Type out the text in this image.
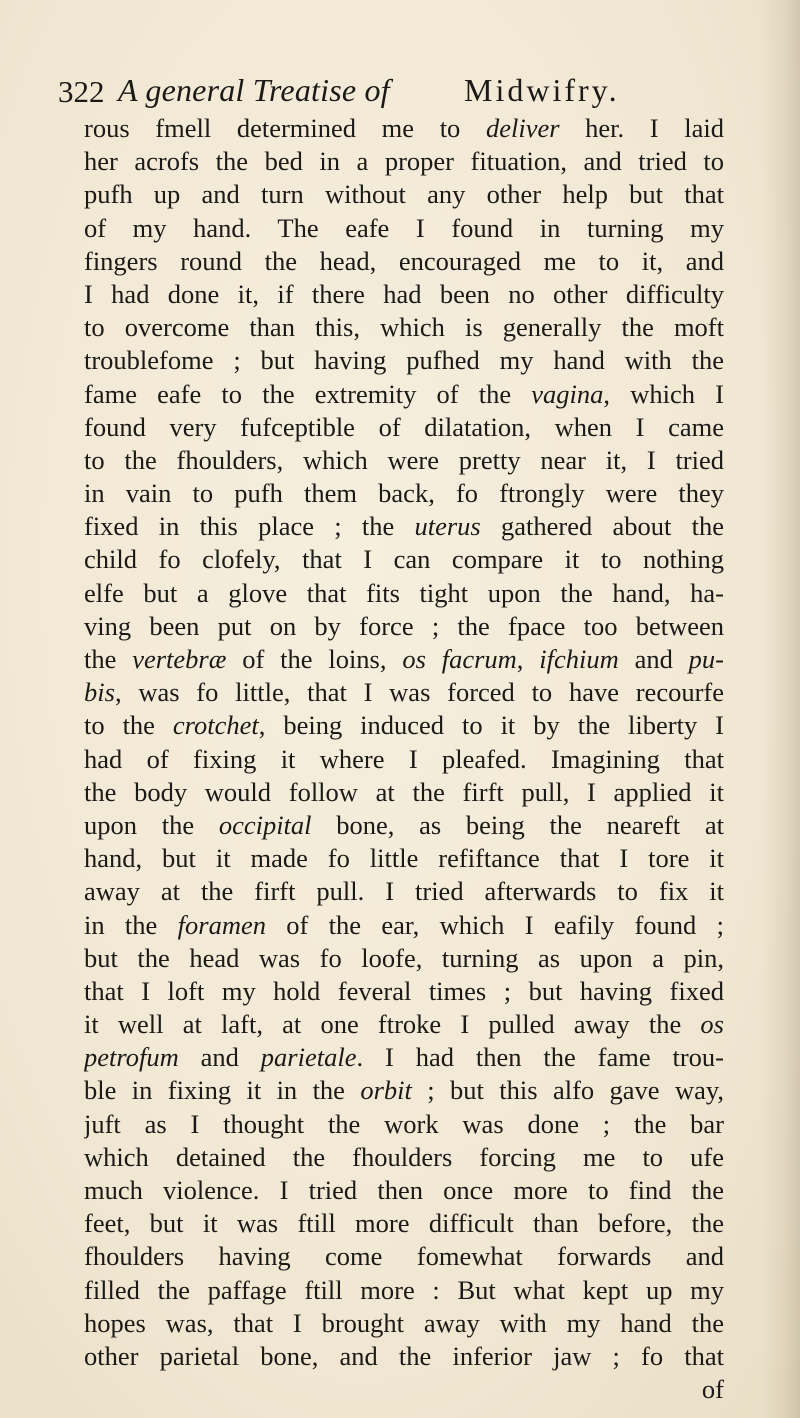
322 A general Treatise of Midwifry.
rous fmell determined me to deliver her. I laid
her acrofs the bed in a proper fituation, and tried to
pufh up and turn without any other help but that
of my hand. The eafe I found in turning my
fingers round the head, encouraged me to it, and
I had done it, if there had been no other difficulty
to overcome than this, which is generally the moft
troublefome ; but having pufhed my hand with the
fame eafe to the extremity of the vagina, which I
found very fufceptible of dilatation, when I came
to the fhoulders, which were pretty near it, I tried
in vain to pufh them back, fo ftrongly were they
fixed in this place ; the uterus gathered about the
child fo clofely, that I can compare it to nothing
elfe but a glove that fits tight upon the hand, ha-
ving been put on by force ; the fpace too between
the vertebræ of the loins, os facrum, ifchium and pu-
bis, was fo little, that I was forced to have recourfe
to the crotchet, being induced to it by the liberty I
had of fixing it where I pleafed. Imagining that
the body would follow at the firft pull, I applied it
upon the occipital bone, as being the neareft at
hand, but it made fo little refiftance that I tore it
away at the firft pull. I tried afterwards to fix it
in the foramen of the ear, which I eafily found ;
but the head was fo loofe, turning as upon a pin,
that I loft my hold feveral times ; but having fixed
it well at laft, at one ftroke I pulled away the os
petrofum and parietale. I had then the fame trou-
ble in fixing it in the orbit ; but this alfo gave way,
juft as I thought the work was done ; the bar
which detained the fhoulders forcing me to ufe
much violence. I tried then once more to find the
feet, but it was ftill more difficult than before, the
fhoulders having come fomewhat forwards and
filled the paffage ftill more : But what kept up my
hopes was, that I brought away with my hand the
other parietal bone, and the inferior jaw ; fo that
of
